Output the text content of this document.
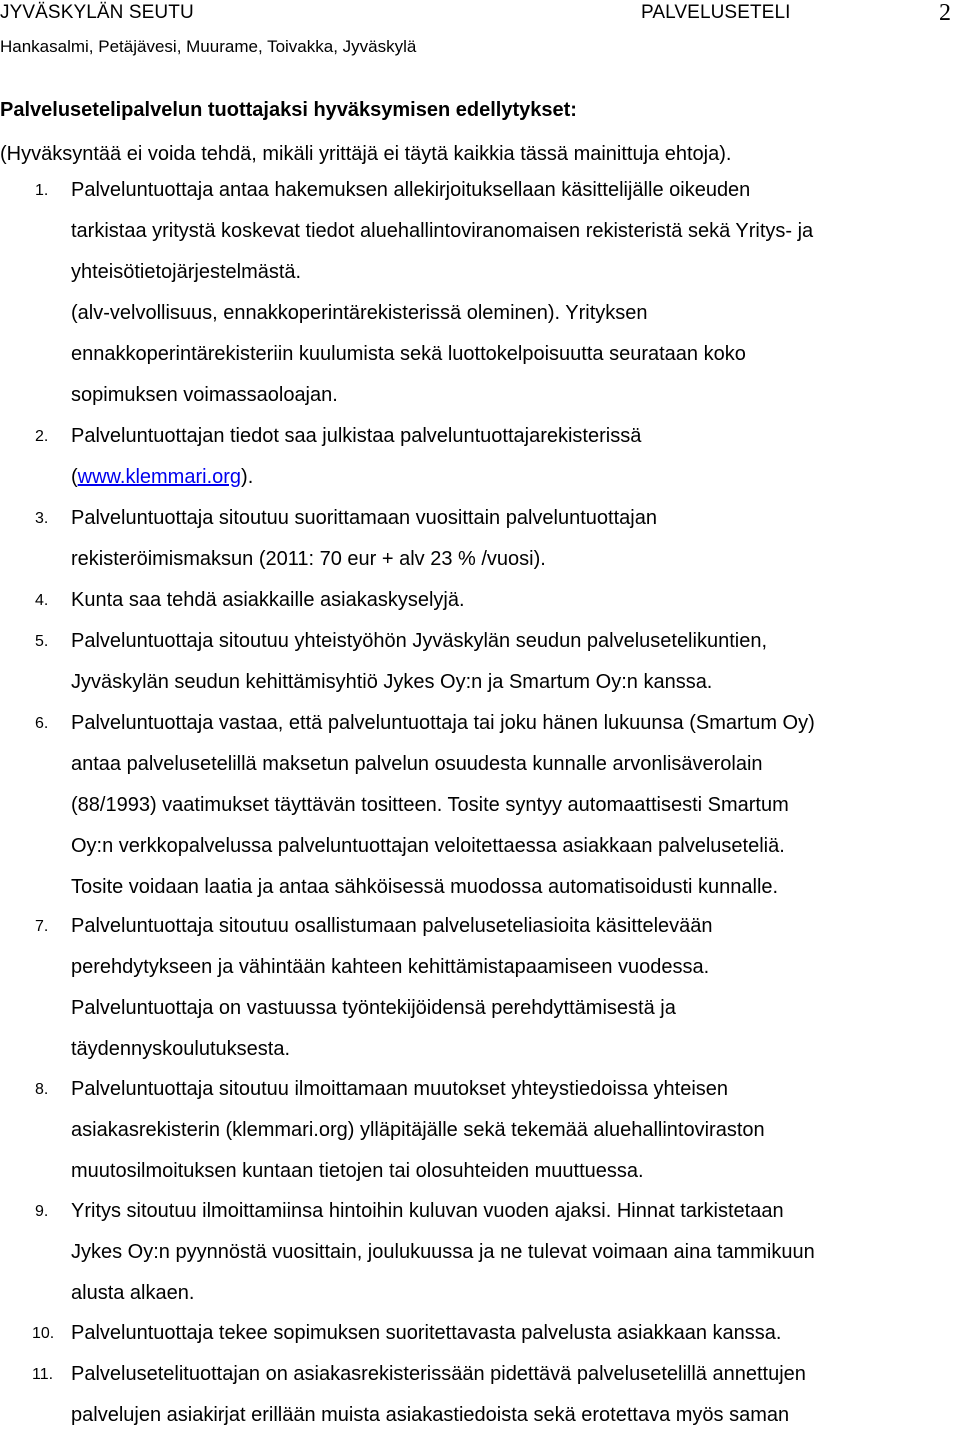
JYVÄSKYLÄN SEUTU	PALVELUSETELI	2
Hankasalmi, Petäjävesi, Muurame, Toivakka, Jyväskylä
Palvelusetelipalvelun tuottajaksi hyväksymisen edellytykset:
(Hyväksyntää ei voida tehdä, mikäli yrittäjä ei täytä kaikkia tässä mainittuja ehtoja).
1. Palveluntuottaja antaa hakemuksen allekirjoituksellaan käsittelijälle oikeuden
tarkistaa yritystä koskevat tiedot aluehallintoviranomaisen rekisteristä sekä Yritys- ja
yhteisötietojärjestelmästä.
(alv-velvollisuus, ennakkoperintärekisterissä oleminen). Yrityksen
ennakkoperintärekisteriin kuulumista sekä luottokelpoisuutta seurataan koko
sopimuksen voimassaoloajan.
2. Palveluntuottajan tiedot saa julkistaa palveluntuottajarekisterissä
(www.klemmari.org).
3. Palveluntuottaja sitoutuu suorittamaan vuosittain palveluntuottajan
rekisteröimismaksun (2011: 70 eur + alv 23 % /vuosi).
4. Kunta saa tehdä asiakkaille asiakaskyselyjä.
5. Palveluntuottaja sitoutuu yhteistyöhön Jyväskylän seudun palvelusetelikuntien,
Jyväskylän seudun kehittämisyhtiö Jykes Oy:n ja Smartum Oy:n kanssa.
6. Palveluntuottaja vastaa, että palveluntuottaja tai joku hänen lukuunsa (Smartum Oy)
antaa palvelusetelillä maksetun palvelun osuudesta kunnalle arvonlisäverolain
(88/1993) vaatimukset täyttävän tositteen. Tosite syntyy automaattisesti Smartum
Oy:n verkkopalvelussa palveluntuottajan veloitettaessa asiakkaan palveluseteliä.
Tosite voidaan laatia ja antaa sähköisessä muodossa automatisoidusti kunnalle.
7. Palveluntuottaja sitoutuu osallistumaan palveluseteliasioita käsittelevään
perehdytykseen ja vähintään kahteen kehittämistapaamiseen vuodessa.
Palveluntuottaja on vastuussa työntekijöidensä perehdyttämisestä ja
täydennyskoulutuksesta.
8. Palveluntuottaja sitoutuu ilmoittamaan muutokset yhteystiedoissa yhteisen
asiakasrekisterin (klemmari.org) ylläpitäjälle sekä tekemää aluehallintoviraston
muutosilmoituksen kuntaan tietojen tai olosuhteiden muuttuessa.
9. Yritys sitoutuu ilmoittamiinsa hintoihin kuluvan vuoden ajaksi. Hinnat tarkistetaan
Jykes Oy:n pyynnöstä vuosittain, joulukuussa ja ne tulevat voimaan aina tammikuun
alusta alkaen.
10. Palveluntuottaja tekee sopimuksen suoritettavasta palvelusta asiakkaan kanssa.
11. Palvelusetelituottajan on asiakasrekisterissään pidettävä palvelusetelillä annettujen
palvelujen asiakirjat erillään muista asiakastiedoista sekä erotettava myös saman
